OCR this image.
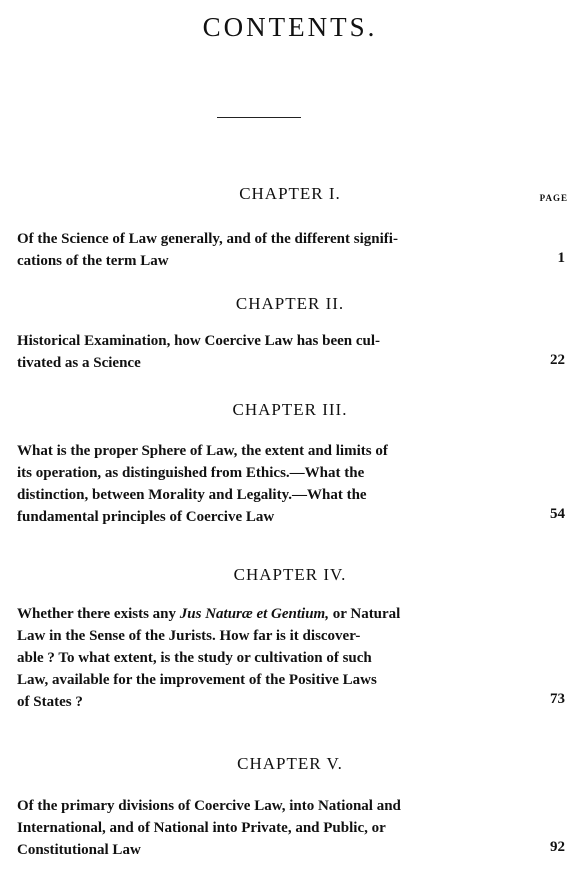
CONTENTS.
PAGE
CHAPTER I.
Of the Science of Law generally, and of the different signifi-
cations of the term Law	1
CHAPTER II.
Historical Examination, how Coercive Law has been cul-
tivated as a Science	22
CHAPTER III.
What is the proper Sphere of Law, the extent and limits of
its operation, as distinguished from Ethics.—What the
distinction, between Morality and Legality.—What the
fundamental principles of Coercive Law	54
CHAPTER IV.
Whether there exists any Jus Naturæ et Gentium, or Natural
Law in the Sense of the Jurists. How far is it discover-
able ? To what extent, is the study or cultivation of such
Law, available for the improvement of the Positive Laws
of States ?	73
CHAPTER V.
Of the primary divisions of Coercive Law, into National and
International, and of National into Private, and Public, or
Constitutional Law	92
